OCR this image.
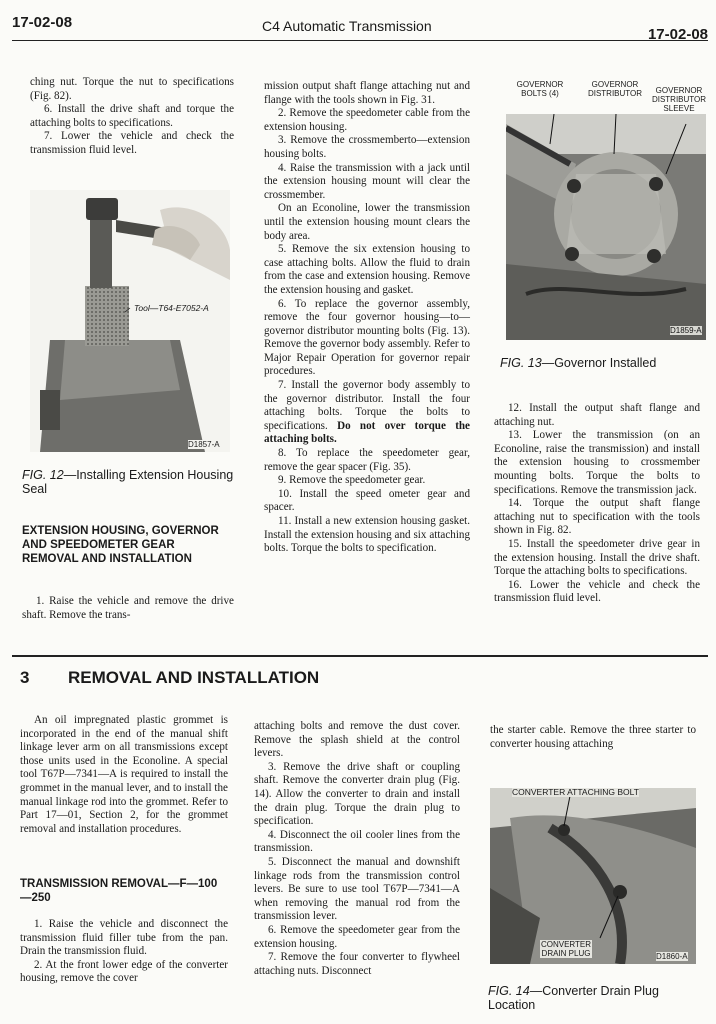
17-02-08	C4 Automatic Transmission	17-02-08

ching nut. Torque the nut to specifications (Fig. 82).

6. Install the drive shaft and torque the attaching bolts to specifications.

7. Lower the vehicle and check the transmission fluid level.

Tool—T64-E7052-A
D1857-A
FIG. 12—Installing Extension Housing Seal
EXTENSION HOUSING, GOVERNOR AND SPEEDOMETER GEAR REMOVAL AND INSTALLATION

1. Raise the vehicle and remove the drive shaft. Remove the trans-

mission output shaft flange attaching nut and flange with the tools shown in Fig. 31.

2. Remove the speedometer cable from the extension housing.

3. Remove the crossmemberto—extension housing bolts.

4. Raise the transmission with a jack until the extension housing mount will clear the crossmember.

On an Econoline, lower the transmission until the extension housing mount clears the body area.

5. Remove the six extension housing to case attaching bolts. Allow the fluid to drain from the case and extension housing. Remove the extension housing and gasket.

6. To replace the governor assembly, remove the four governor housing—to—governor distributor mounting bolts (Fig. 13). Remove the governor body assembly. Refer to Major Repair Operation for governor repair procedures.

7. Install the governor body assembly to the governor distributor. Install the four attaching bolts. Torque the bolts to specifications. Do not over torque the attaching bolts.

8. To replace the speedometer gear, remove the gear spacer (Fig. 35).

9. Remove the speedometer gear.

10. Install the speed ometer gear and spacer.

11. Install a new extension housing gasket. Install the extension housing and six attaching bolts. Torque the bolts to specification.

GOVERNOR BOLTS (4)
GOVERNOR DISTRIBUTOR	GOVERNOR DISTRIBUTOR SLEEVE
D1859-A
FIG. 13—Governor Installed

12. Install the output shaft flange and attaching nut.

13. Lower the transmission (on an Econoline, raise the transmission) and install the extension housing to crossmember mounting bolts. Torque the bolts to specifications. Remove the transmission jack.

14. Torque the output shaft flange attaching nut to specification with the tools shown in Fig. 82.

15. Install the speedometer drive gear in the extension housing. Install the drive shaft. Torque the attaching bolts to specifications.

16. Lower the vehicle and check the transmission fluid level.

3 REMOVAL AND INSTALLATION

An oil impregnated plastic grommet is incorporated in the end of the manual shift linkage lever arm on all transmissions except those units used in the Econoline. A special tool T67P—7341—A is required to install the grommet in the manual lever, and to install the manual linkage rod into the grommet. Refer to Part 17—01, Section 2, for the grommet removal and installation procedures.

TRANSMISSION REMOVAL—F—100—250

1. Raise the vehicle and disconnect the transmission fluid filler tube from the pan. Drain the transmission fluid.

2. At the front lower edge of the converter housing, remove the cover

attaching bolts and remove the dust cover. Remove the splash shield at the control levers.

3. Remove the drive shaft or coupling shaft. Remove the converter drain plug (Fig. 14). Allow the converter to drain and install the drain plug. Torque the drain plug to specification.

4. Disconnect the oil cooler lines from the transmission.

5. Disconnect the manual and downshift linkage rods from the transmission control levers. Be sure to use tool T67P—7341—A when removing the manual rod from the transmission lever.

6. Remove the speedometer gear from the extension housing.

7. Remove the four converter to flywheel attaching nuts. Disconnect

the starter cable. Remove the three starter to converter housing attaching

CONVERTER ATTACHING BOLT
CONVERTER DRAIN PLUG	D1860-A
FIG. 14—Converter Drain Plug Location
